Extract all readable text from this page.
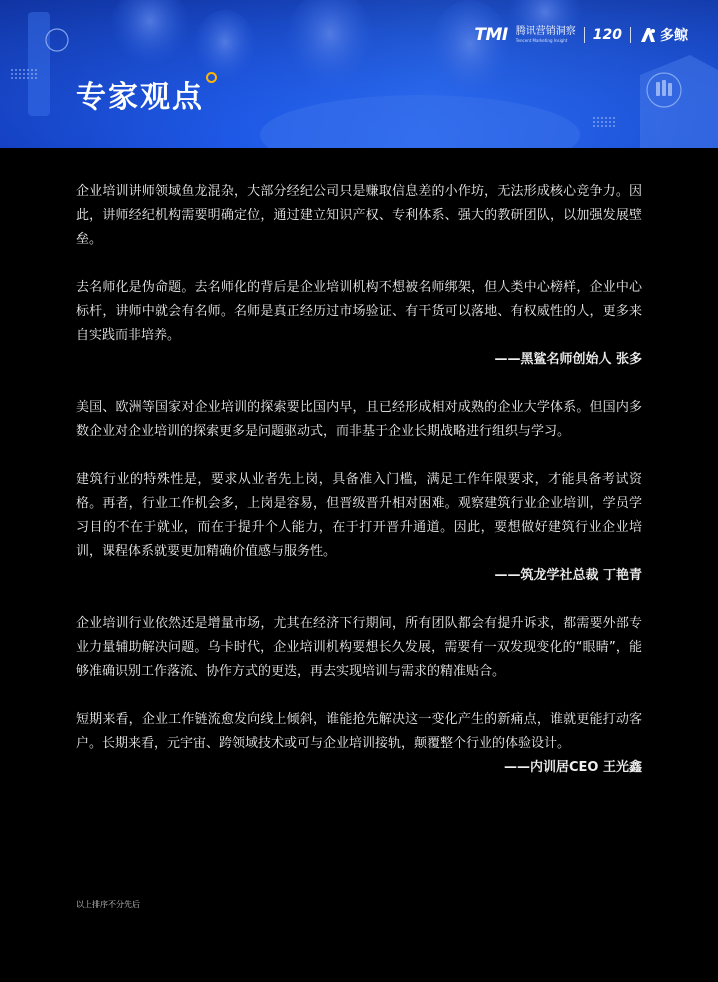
专家观点
TMI 腾讯营销洞察
Tencent Marketing Insight	120	多鲸

企业培训讲师领域鱼龙混杂，大部分经纪公司只是赚取信息差的小作坊，无法形成核心竞争力。因此，讲师经纪机构需要明确定位，通过建立知识产权、专利体系、强大的教研团队，以加强发展壁垒。

去名师化是伪命题。去名师化的背后是企业培训机构不想被名师绑架，但人类中心榜样，企业中心标杆，讲师中就会有名师。名师是真正经历过市场验证、有干货可以落地、有权威性的人，更多来自实践而非培养。

——黑鲨名师创始人 张多

美国、欧洲等国家对企业培训的探索要比国内早，且已经形成相对成熟的企业大学体系。但国内多数企业对企业培训的探索更多是问题驱动式，而非基于企业长期战略进行组织与学习。

建筑行业的特殊性是，要求从业者先上岗，具备准入门槛，满足工作年限要求，才能具备考试资格。再者，行业工作机会多，上岗是容易，但晋级晋升相对困难。观察建筑行业企业培训，学员学习目的不在于就业，而在于提升个人能力，在于打开晋升通道。因此，要想做好建筑行业企业培训，课程体系就要更加精确价值感与服务性。

——筑龙学社总裁 丁艳青

企业培训行业依然还是增量市场，尤其在经济下行期间，所有团队都会有提升诉求，都需要外部专业力量辅助解决问题。乌卡时代，企业培训机构要想长久发展，需要有一双发现变化的“眼睛”，能够准确识别工作落流、协作方式的更迭，再去实现培训与需求的精准贴合。

短期来看，企业工作链流愈发向线上倾斜，谁能抢先解决这一变化产生的新痛点，谁就更能打动客户。长期来看，元宇宙、跨领域技术或可与企业培训接轨，颠覆整个行业的体验设计。

——内训居CEO 王光鑫
以上排序不分先后
